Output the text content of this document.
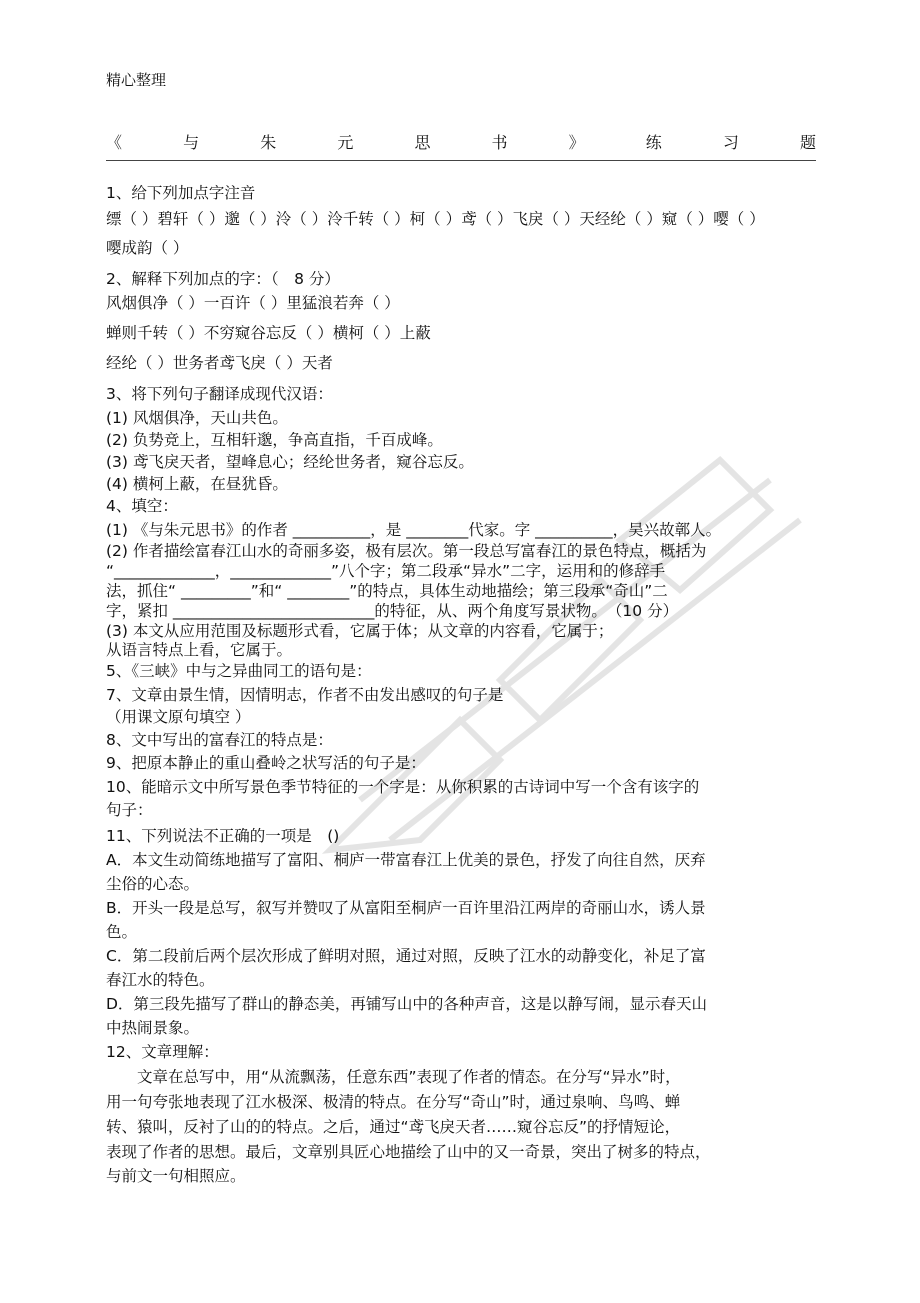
精心整理
《	与	朱	元	思	书	》	练	习	题
1、给下列加点字注音
缥（ ）碧轩（ ）邈（ ）泠（ ）泠千转（ ）柯（ ）鸢（ ）飞戾（ ）天经纶（ ）窥（ ）嘤（ ）
嘤成韵（ ）
2、解释下列加点的字：（　8 分）
风烟俱净（ ）一百许（ ）里猛浪若奔（ ）
蝉则千转（ ）不穷窥谷忘反（ ）横柯（ ）上蔽
经纶（ ）世务者鸢飞戾（ ）天者
3、将下列句子翻译成现代汉语：
(1) 风烟俱净，天山共色。
(2) 负势竞上，互相轩邈，争高直指，千百成峰。
(3) 鸢飞戾天者，望峰息心；经纶世务者，窥谷忘反。
(4) 横柯上蔽，在昼犹昏。
4、填空：
(1) 《与朱元思书》的作者 __________，是 ________代家。字 __________，吴兴故鄣人。
(2) 作者描绘富春江山水的奇丽多姿，极有层次。第一段总写富春江的景色特点，概括为
“_____________，_____________”八个字；第二段承“异水”二字，运用和的修辞手
法，抓住“ _________”和“ ________”的特点，具体生动地描绘；第三段承“奇山”二
字，紧扣 __________________________的特征，从、两个角度写景状物。　（10 分）
(3) 本文从应用范围及标题形式看，它属于体；从文章的内容看，它属于；
从语言特点上看，它属于。
5、《三峡》中与之异曲同工的语句是：
7、文章由景生情，因情明志，作者不由发出感叹的句子是
（用课文原句填空 ）
8、文中写出的富春江的特点是：
9、把原本静止的重山叠岭之状写活的句子是：
10、能暗示文中所写景色季节特征的一个字是：从你积累的古诗词中写一个含有该字的
句子：
11、下列说法不正确的一项是　()
A．本文生动简练地描写了富阳、桐庐一带富春江上优美的景色，抒发了向往自然，厌弃
尘俗的心态。
B．开头一段是总写，叙写并赞叹了从富阳至桐庐一百许里沿江两岸的奇丽山水，诱人景
色。
C．第二段前后两个层次形成了鲜明对照，通过对照，反映了江水的动静变化，补足了富
春江水的特色。
D．第三段先描写了群山的静态美，再铺写山中的各种声音，这是以静写闹，显示春天山
中热闹景象。
12、文章理解：
　　文章在总写中，用“从流飘荡，任意东西”表现了作者的情态。在分写“异水”时，
用一句夸张地表现了江水极深、极清的特点。在分写“奇山”时，通过泉响、鸟鸣、蝉
转、猿叫，反衬了山的的特点。之后，通过“鸢飞戾天者……窥谷忘反”的抒情短论，
表现了作者的思想。最后，文章别具匠心地描绘了山中的又一奇景，突出了树多的特点，
与前文一句相照应。
